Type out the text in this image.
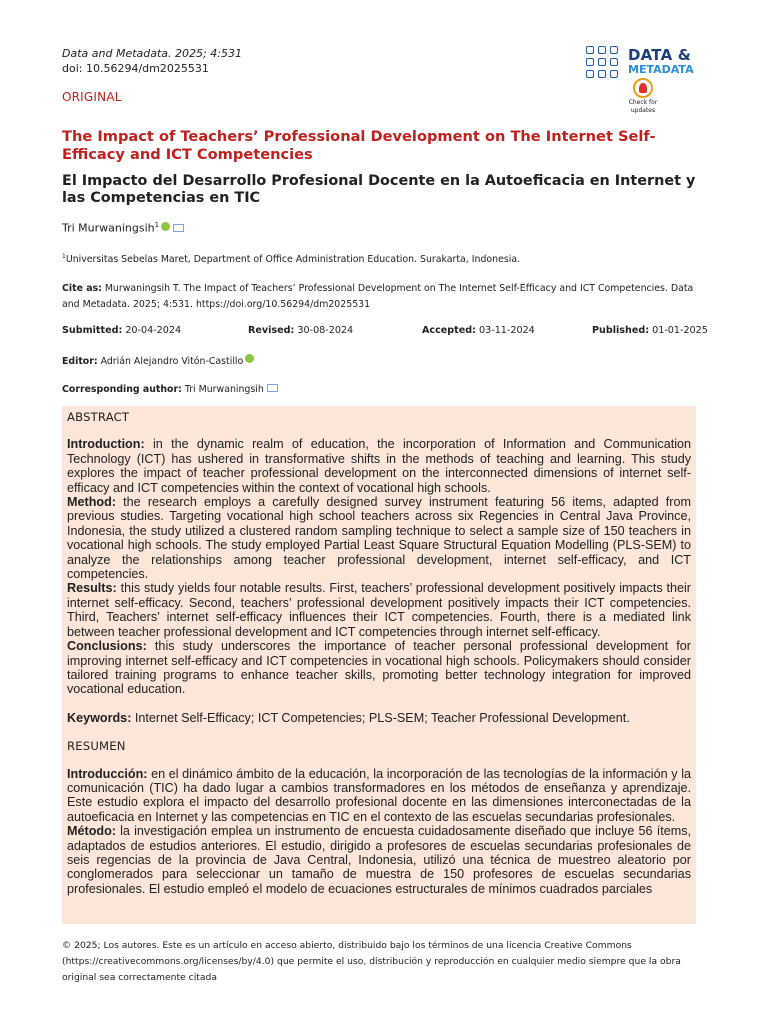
Data and Metadata. 2025; 4:531
doi: 10.56294/dm2025531
DATA &
METADATA
Check for
updates
ORIGINAL
The Impact of Teachers’ Professional Development on The Internet Self-Efficacy and ICT Competencies
El Impacto del Desarrollo Profesional Docente en la Autoeficacia en Internet y las Competencias en TIC
Tri Murwaningsih$^1$
$^1$Universitas Sebelas Maret, Department of Office Administration Education. Surakarta, Indonesia.
Cite as: Murwaningsih T. The Impact of Teachers’ Professional Development on The Internet Self-Efficacy and ICT Competencies. Data and Metadata. 2025; 4:531. https://doi.org/10.56294/dm2025531
Submitted: 20-04-2024	Revised: 30-08-2024	Accepted: 03-11-2024	Published: 01-01-2025
Editor: Adrián Alejandro Vitón-Castillo
Corresponding author: Tri Murwaningsih
ABSTRACT

Introduction: in the dynamic realm of education, the incorporation of Information and Communication Technology (ICT) has ushered in transformative shifts in the methods of teaching and learning. This study explores the impact of teacher professional development on the interconnected dimensions of internet self-efficacy and ICT competencies within the context of vocational high schools.

Method: the research employs a carefully designed survey instrument featuring 56 items, adapted from previous studies. Targeting vocational high school teachers across six Regencies in Central Java Province, Indonesia, the study utilized a clustered random sampling technique to select a sample size of 150 teachers in vocational high schools. The study employed Partial Least Square Structural Equation Modelling (PLS-SEM) to analyze the relationships among teacher professional development, internet self-efficacy, and ICT competencies.

Results: this study yields four notable results. First, teachers’ professional development positively impacts their internet self-efficacy. Second, teachers’ professional development positively impacts their ICT competencies. Third, Teachers’ internet self-efficacy influences their ICT competencies. Fourth, there is a mediated link between teacher professional development and ICT competencies through internet self-efficacy.

Conclusions: this study underscores the importance of teacher personal professional development for improving internet self-efficacy and ICT competencies in vocational high schools. Policymakers should consider tailored training programs to enhance teacher skills, promoting better technology integration for improved vocational education.

Keywords: Internet Self-Efficacy; ICT Competencies; PLS-SEM; Teacher Professional Development.

RESUMEN

Introducción: en el dinámico ámbito de la educación, la incorporación de las tecnologías de la información y la comunicación (TIC) ha dado lugar a cambios transformadores en los métodos de enseñanza y aprendizaje. Este estudio explora el impacto del desarrollo profesional docente en las dimensiones interconectadas de la autoeficacia en Internet y las competencias en TIC en el contexto de las escuelas secundarias profesionales.

Método: la investigación emplea un instrumento de encuesta cuidadosamente diseñado que incluye 56 ítems, adaptados de estudios anteriores. El estudio, dirigido a profesores de escuelas secundarias profesionales de seis regencias de la provincia de Java Central, Indonesia, utilizó una técnica de muestreo aleatorio por conglomerados para seleccionar un tamaño de muestra de 150 profesores de escuelas secundarias profesionales. El estudio empleó el modelo de ecuaciones estructurales de mínimos cuadrados parciales

© 2025; Los autores. Este es un artículo en acceso abierto, distribuido bajo los términos de una licencia Creative Commons (https://creativecommons.org/licenses/by/4.0) que permite el uso, distribución y reproducción en cualquier medio siempre que la obra original sea correctamente citada
